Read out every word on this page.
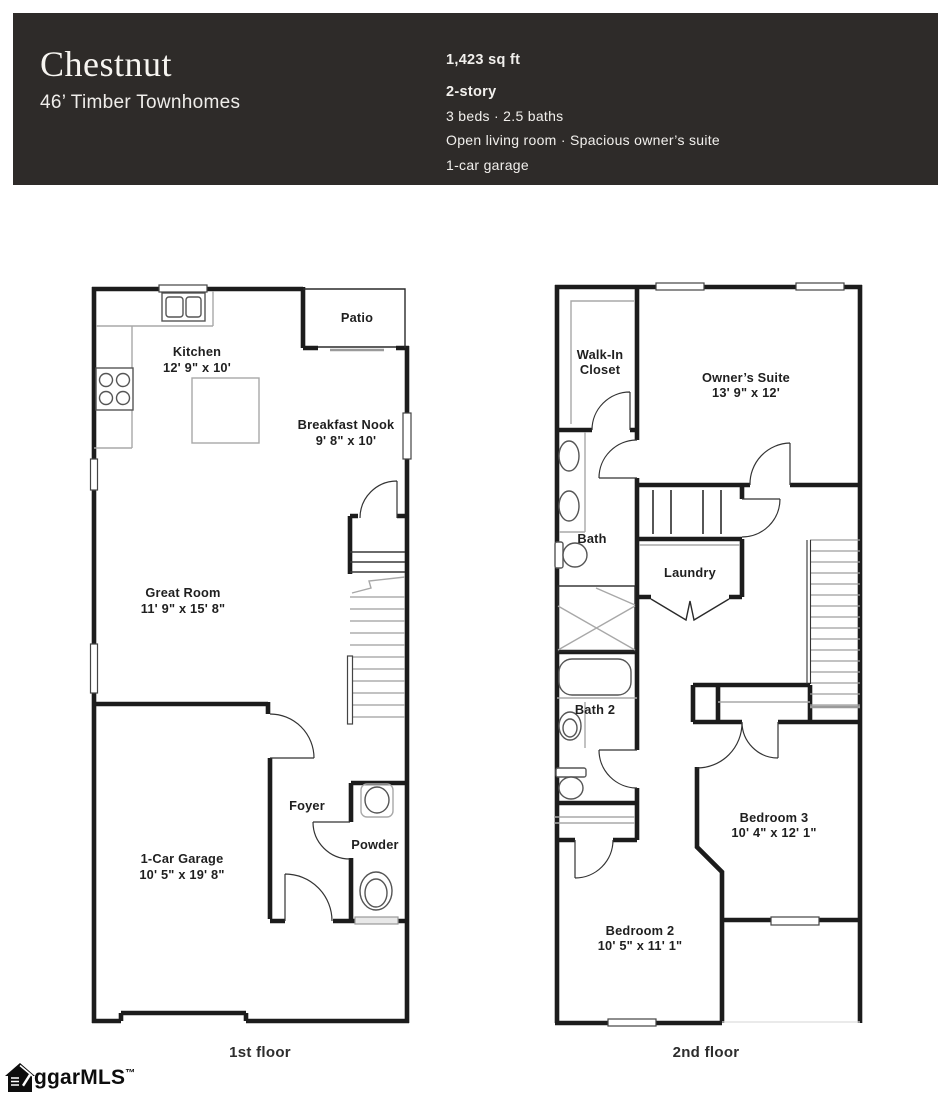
Chestnut
46’ Timber Townhomes
1,423 sq ft
2-story
3 beds · 2.5 baths
Open living room · Spacious owner’s suite
1-car garage
Kitchen
12' 9" x 10'
Patio
Breakfast Nook
9' 8" x 10'
Great Room
11' 9" x 15' 8"
Foyer
Powder
1-Car Garage
10' 5" x 19' 8"
Walk-In
Closet
Owner’s Suite
13' 9" x 12'
Bath
Laundry
Bath 2
Bedroom 3
10' 4" x 12' 1"
Bedroom 2
10' 5" x 11' 1"
1st floor	2nd floor
ggarMLS™
